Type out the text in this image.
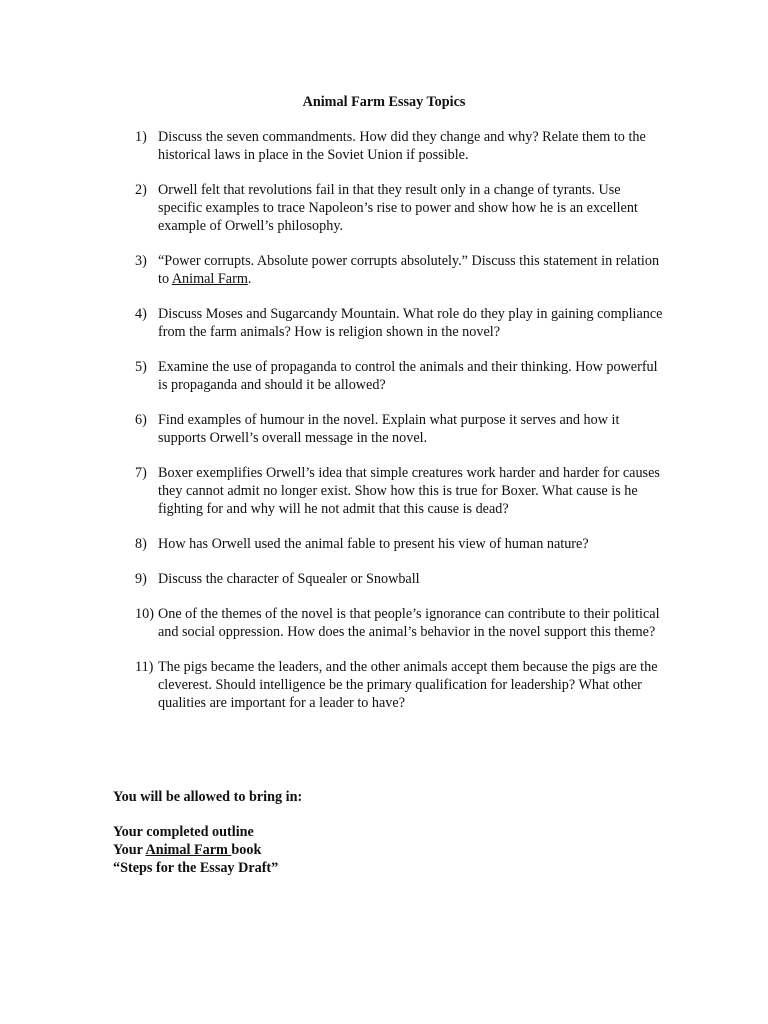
Animal Farm Essay Topics
1) Discuss the seven commandments. How did they change and why? Relate them to the historical laws in place in the Soviet Union if possible.
2) Orwell felt that revolutions fail in that they result only in a change of tyrants. Use specific examples to trace Napoleon’s rise to power and show how he is an excellent example of Orwell’s philosophy.
3) “Power corrupts. Absolute power corrupts absolutely.” Discuss this statement in relation to Animal Farm.
4) Discuss Moses and Sugarcandy Mountain. What role do they play in gaining compliance from the farm animals? How is religion shown in the novel?
5) Examine the use of propaganda to control the animals and their thinking. How powerful is propaganda and should it be allowed?
6) Find examples of humour in the novel. Explain what purpose it serves and how it supports Orwell’s overall message in the novel.
7) Boxer exemplifies Orwell’s idea that simple creatures work harder and harder for causes they cannot admit no longer exist. Show how this is true for Boxer. What cause is he fighting for and why will he not admit that this cause is dead?
8) How has Orwell used the animal fable to present his view of human nature?
9) Discuss the character of Squealer or Snowball
10) One of the themes of the novel is that people’s ignorance can contribute to their political and social oppression. How does the animal’s behavior in the novel support this theme?
11) The pigs became the leaders, and the other animals accept them because the pigs are the cleverest. Should intelligence be the primary qualification for leadership? What other qualities are important for a leader to have?
You will be allowed to bring in:
Your completed outline
Your Animal Farm book
“Steps for the Essay Draft”
